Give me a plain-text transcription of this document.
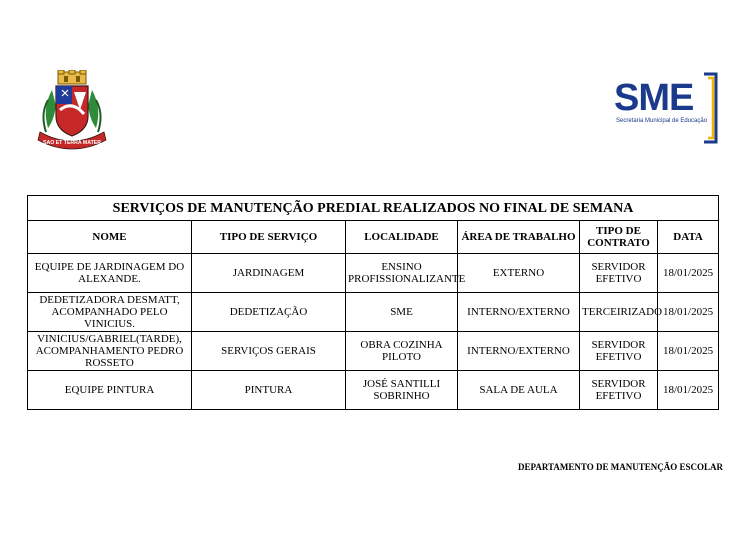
SAO ET TERRA MATER
SME
Secretaria Municipal de Educação
SERVIÇOS DE MANUTENÇÃO PREDIAL REALIZADOS NO FINAL DE SEMANA					
NOME	TIPO DE SERVIÇO	LOCALIDADE	ÁREA DE TRABALHO	TIPO DE CONTRATO	DATA
EQUIPE DE JARDINAGEM DO ALEXANDE.	JARDINAGEM	ENSINO PROFISSIONALIZANTE	EXTERNO	SERVIDOR EFETIVO	18/01/2025
DEDETIZADORA DESMATT, ACOMPANHADO PELO VINICIUS.	DEDETIZAÇÃO	SME	INTERNO/EXTERNO	TERCEIRIZADO	18/01/2025
VINICIUS/GABRIEL(TARDE), ACOMPANHAMENTO PEDRO ROSSETO	SERVIÇOS GERAIS	OBRA COZINHA PILOTO	INTERNO/EXTERNO	SERVIDOR EFETIVO	18/01/2025
EQUIPE PINTURA	PINTURA	JOSÉ SANTILLI SOBRINHO	SALA DE AULA	SERVIDOR EFETIVO	18/01/2025
DEPARTAMENTO DE MANUTENÇÃO ESCOLAR
